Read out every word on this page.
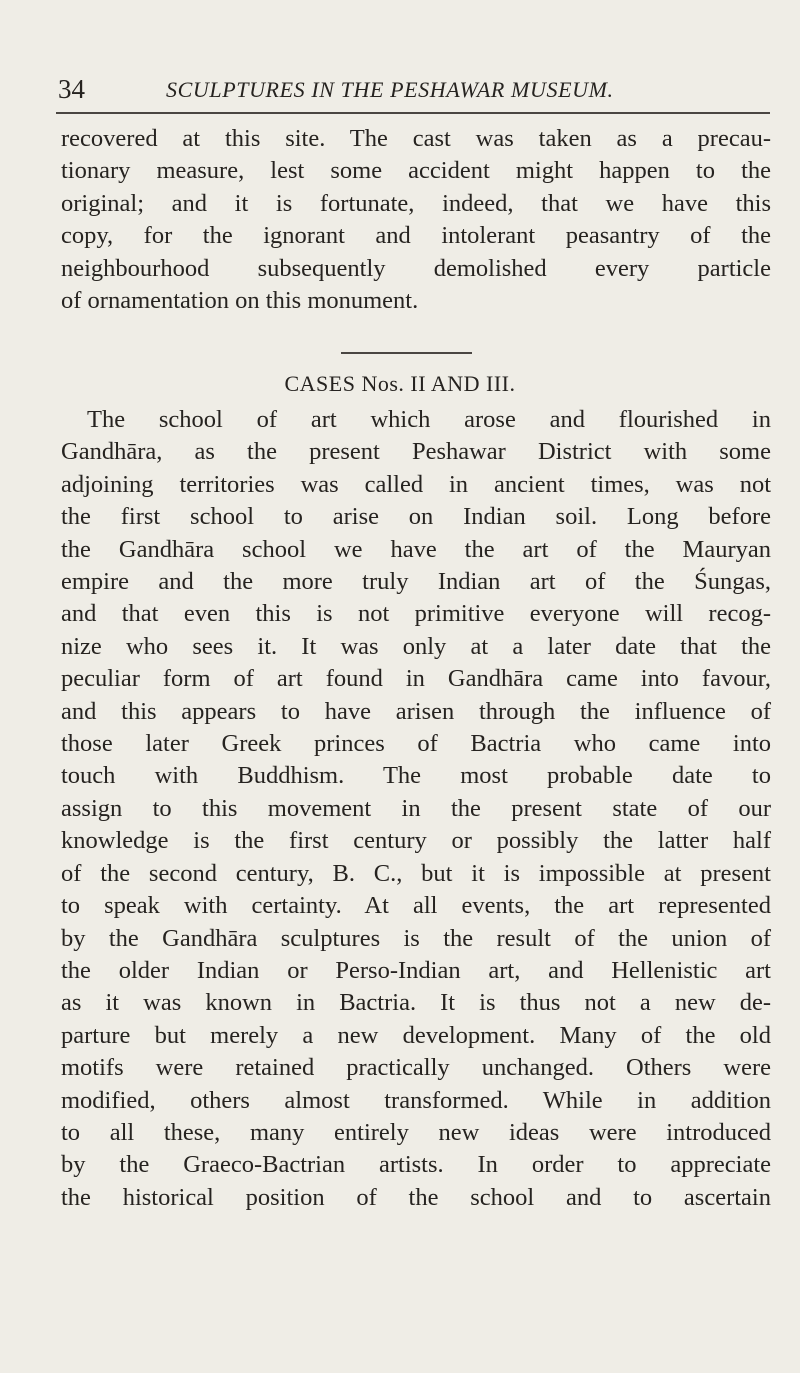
34	SCULPTURES IN THE PESHAWAR MUSEUM.
recovered at this site. The cast was taken as a precau-
tionary measure, lest some accident might happen to the
original; and it is fortunate, indeed, that we have this
copy, for the ignorant and intolerant peasantry of the
neighbourhood subsequently demolished every particle
of ornamentation on this monument.
CASES Nos. II AND III.
The school of art which arose and flourished in
Gandhāra, as the present Peshawar District with some
adjoining territories was called in ancient times, was not
the first school to arise on Indian soil. Long before
the Gandhāra school we have the art of the Mauryan
empire and the more truly Indian art of the Śungas,
and that even this is not primitive everyone will recog-
nize who sees it. It was only at a later date that the
peculiar form of art found in Gandhāra came into favour,
and this appears to have arisen through the influence of
those later Greek princes of Bactria who came into
touch with Buddhism. The most probable date to
assign to this movement in the present state of our
knowledge is the first century or possibly the latter half
of the second century, B. C., but it is impossible at present
to speak with certainty. At all events, the art represented
by the Gandhāra sculptures is the result of the union of
the older Indian or Perso-Indian art, and Hellenistic art
as it was known in Bactria. It is thus not a new de-
parture but merely a new development. Many of the old
motifs were retained practically unchanged. Others were
modified, others almost transformed. While in addition
to all these, many entirely new ideas were introduced
by the Graeco-Bactrian artists. In order to appreciate
the historical position of the school and to ascertain
